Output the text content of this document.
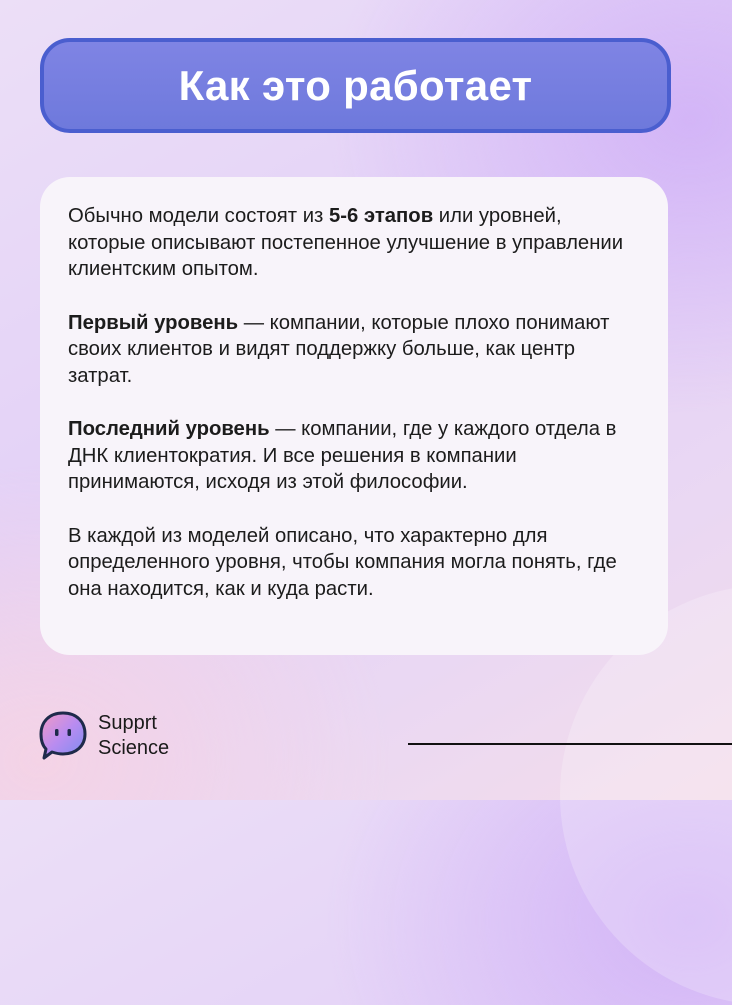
Как это работает

Обычно модели состоят из 5-6 этапов или уровней, которые описывают постепенное улучшение в управлении клиентским опытом.

Первый уровень — компании, которые плохо понимают своих клиентов и видят поддержку больше, как центр затрат.

Последний уровень — компании, где у каждого отдела в ДНК клиентократия. И все решения в компании принимаются, исходя из этой философии.

В каждой из моделей описано, что характерно для определенного уровня, чтобы компания могла понять, где она находится, как и куда расти.

Supprt
Science
